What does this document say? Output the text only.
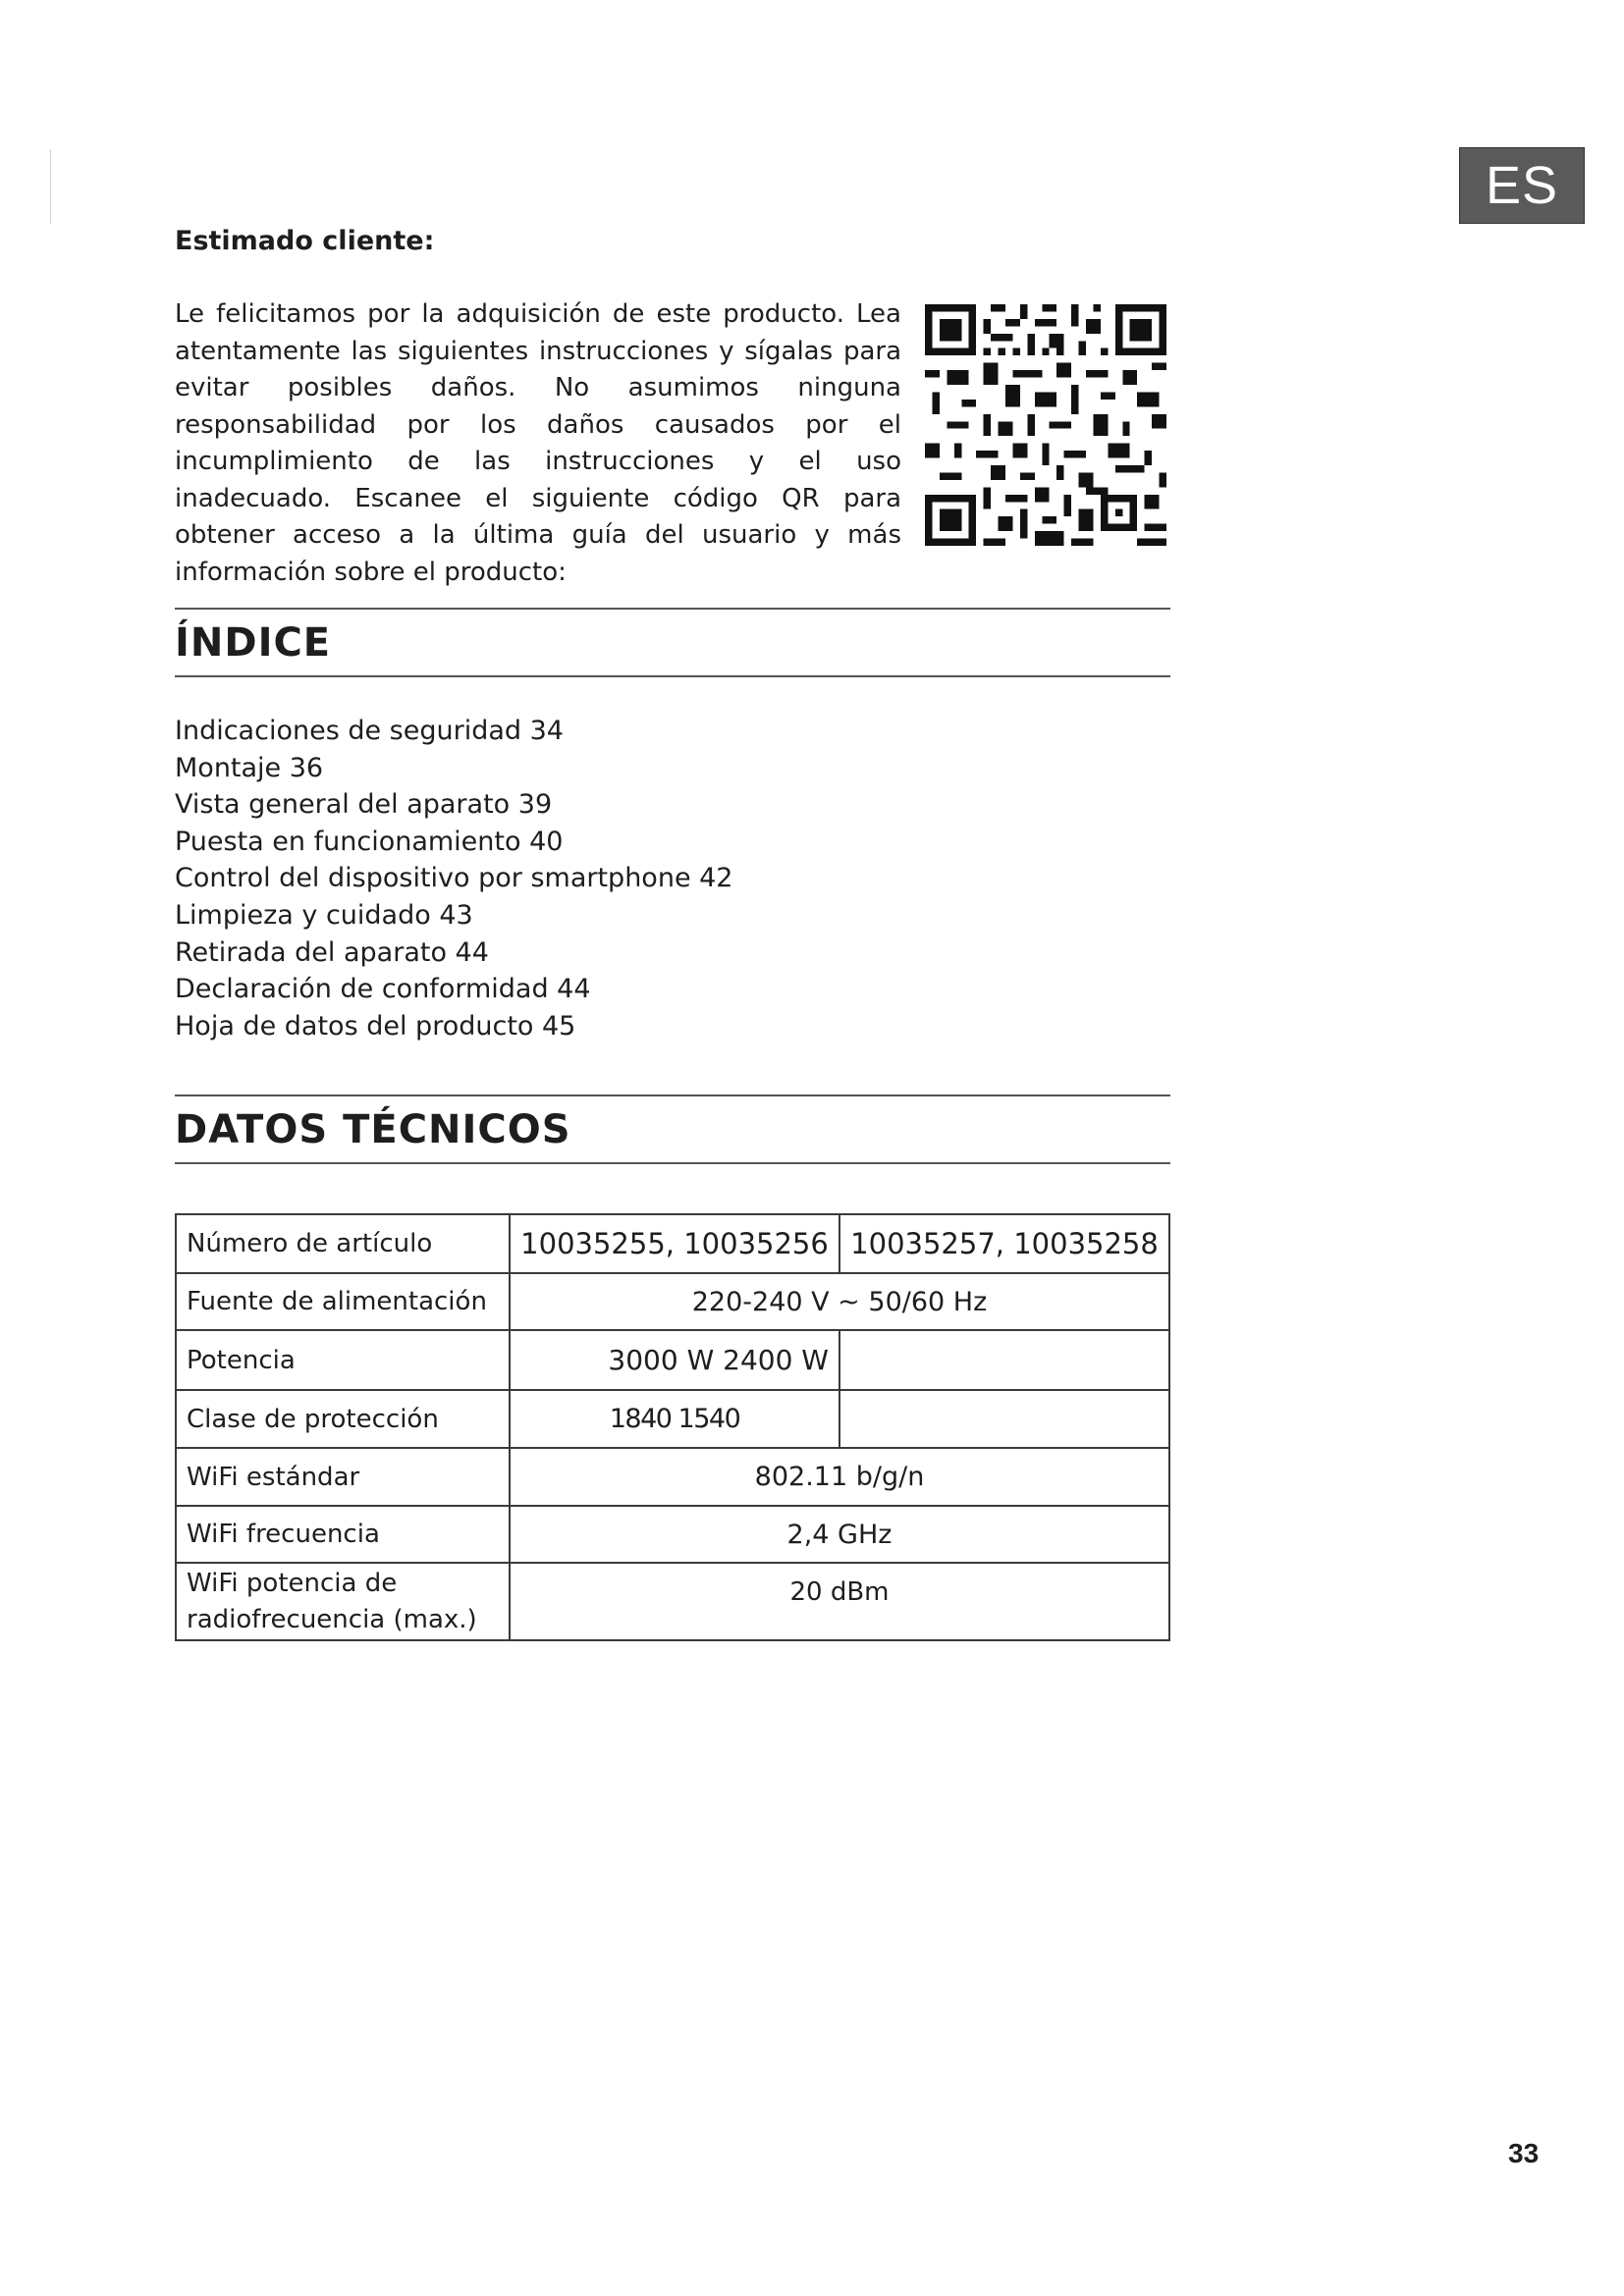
ES
Estimado cliente:

Le felicitamos por la adquisición de este producto. Lea atentamente las siguientes instrucciones y sígalas para evitar posibles daños. No asumimos ninguna responsabilidad por los daños causados por el incumplimiento de las instrucciones y el uso inadecuado. Escanee el siguiente código QR para obtener acceso a la última guía del usuario y más información sobre el producto:

ÍNDICE
Indicaciones de seguridad 34
Montaje 36
Vista general del aparato 39
Puesta en funcionamiento 40
Control del dispositivo por smartphone 42
Limpieza y cuidado 43
Retirada del aparato 44
Declaración de conformidad 44
Hoja de datos del producto 45
DATOS TÉCNICOS
Número de artículo	10035255, 10035256	10035257, 10035258
Fuente de alimentación	220-240 V ~ 50/60 Hz	
Potencia	3000 W 2400 W	
Clase de protección	1840 1540	
WiFi estándar	802.11 b/g/n	
WiFi frecuencia	2,4 GHz	
WiFi potencia de
radiofrecuencia (max.)	20 dBm	
33
